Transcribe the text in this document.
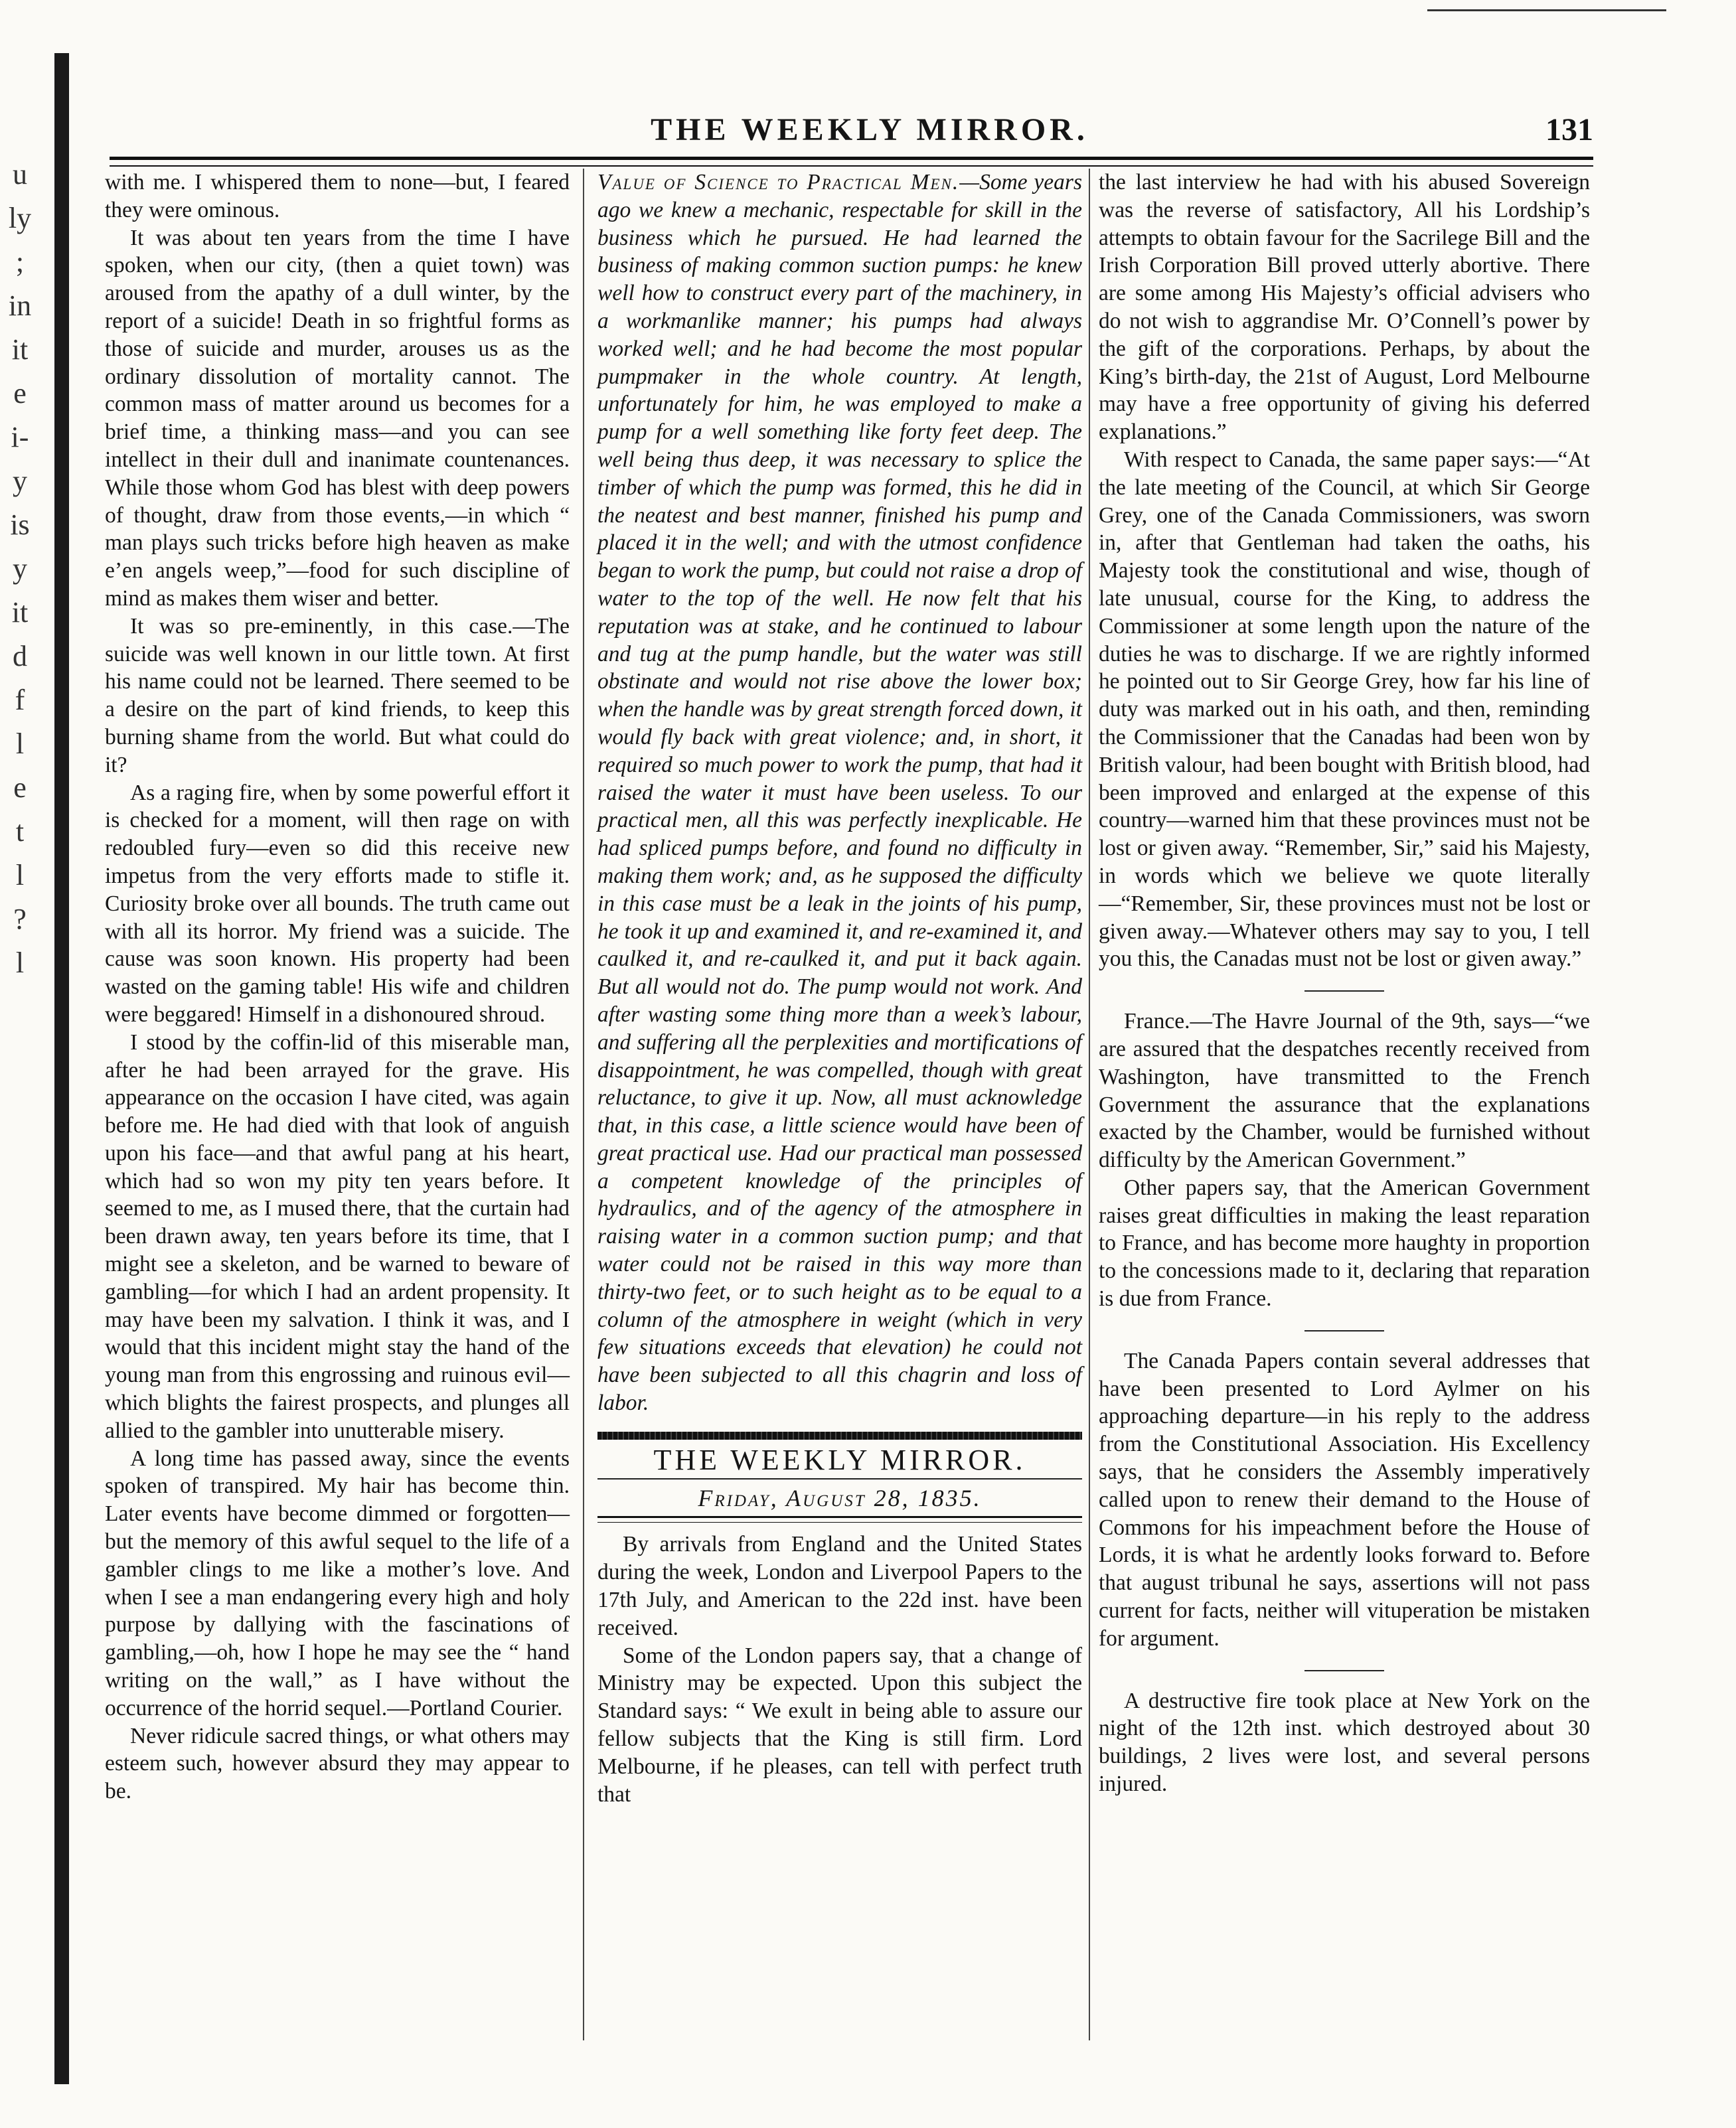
u
ly
;
in
it
e
i-
y
is
y
it
d
f
l
e
t
l
?
l
THE WEEKLY MIRROR.	131

with me. I whispered them to none—but, I feared they were ominous.

It was about ten years from the time I have spoken, when our city, (then a quiet town) was aroused from the apathy of a dull winter, by the report of a suicide! Death in so frightful forms as those of suicide and murder, arouses us as the ordinary dissolution of mortality cannot. The common mass of matter around us becomes for a brief time, a thinking mass—and you can see intellect in their dull and inanimate countenances. While those whom God has blest with deep powers of thought, draw from those events,—in which “ man plays such tricks before high heaven as make e’en angels weep,”—food for such discipline of mind as makes them wiser and better.

It was so pre-eminently, in this case.—The suicide was well known in our little town. At first his name could not be learned. There seemed to be a desire on the part of kind friends, to keep this burning shame from the world. But what could do it?

As a raging fire, when by some powerful effort it is checked for a moment, will then rage on with redoubled fury—even so did this receive new impetus from the very efforts made to stifle it. Curiosity broke over all bounds. The truth came out with all its horror. My friend was a suicide. The cause was soon known. His property had been wasted on the gaming table! His wife and children were beggared! Himself in a dishonoured shroud.

I stood by the coffin-lid of this miserable man, after he had been arrayed for the grave. His appearance on the occasion I have cited, was again before me. He had died with that look of anguish upon his face—and that awful pang at his heart, which had so won my pity ten years before. It seemed to me, as I mused there, that the curtain had been drawn away, ten years before its time, that I might see a skeleton, and be warned to beware of gambling—for which I had an ardent propensity. It may have been my salvation. I think it was, and I would that this incident might stay the hand of the young man from this engrossing and ruinous evil—which blights the fairest prospects, and plunges all allied to the gambler into unutterable misery.

A long time has passed away, since the events spoken of transpired. My hair has become thin. Later events have become dimmed or forgotten—but the memory of this awful sequel to the life of a gambler clings to me like a mother’s love. And when I see a man endangering every high and holy purpose by dallying with the fascinations of gambling,—oh, how I hope he may see the “ hand writing on the wall,” as I have without the occurrence of the horrid sequel.—Portland Courier.

Never ridicule sacred things, or what others may esteem such, however absurd they may appear to be.

Value of Science to Practical Men.—Some years ago we knew a mechanic, respectable for skill in the business which he pursued. He had learned the business of making common suction pumps: he knew well how to construct every part of the machinery, in a workmanlike manner; his pumps had always worked well; and he had become the most popular pumpmaker in the whole country. At length, unfortunately for him, he was employed to make a pump for a well something like forty feet deep. The well being thus deep, it was necessary to splice the timber of which the pump was formed, this he did in the neatest and best manner, finished his pump and placed it in the well; and with the utmost confidence began to work the pump, but could not raise a drop of water to the top of the well. He now felt that his reputation was at stake, and he continued to labour and tug at the pump handle, but the water was still obstinate and would not rise above the lower box; when the handle was by great strength forced down, it would fly back with great violence; and, in short, it required so much power to work the pump, that had it raised the water it must have been useless. To our practical men, all this was perfectly inexplicable. He had spliced pumps before, and found no difficulty in making them work; and, as he supposed the difficulty in this case must be a leak in the joints of his pump, he took it up and examined it, and re-examined it, and caulked it, and re-caulked it, and put it back again. But all would not do. The pump would not work. And after wasting some thing more than a week’s labour, and suffering all the perplexities and mortifications of disappointment, he was compelled, though with great reluctance, to give it up. Now, all must acknowledge that, in this case, a little science would have been of great practical use. Had our practical man possessed a competent knowledge of the principles of hydraulics, and of the agency of the atmosphere in raising water in a common suction pump; and that water could not be raised in this way more than thirty-two feet, or to such height as to be equal to a column of the atmosphere in weight (which in very few situations exceeds that elevation) he could not have been subjected to all this chagrin and loss of labor.

THE WEEKLY MIRROR.
Friday, August 28, 1835.

By arrivals from England and the United States during the week, London and Liverpool Papers to the 17th July, and American to the 22d inst. have been received.

Some of the London papers say, that a change of Ministry may be expected. Upon this subject the Standard says: “ We exult in being able to assure our fellow subjects that the King is still firm. Lord Melbourne, if he pleases, can tell with perfect truth that

the last interview he had with his abused Sovereign was the reverse of satisfactory, All his Lordship’s attempts to obtain favour for the Sacrilege Bill and the Irish Corporation Bill proved utterly abortive. There are some among His Majesty’s official advisers who do not wish to aggrandise Mr. O’Connell’s power by the gift of the corporations. Perhaps, by about the King’s birth-day, the 21st of August, Lord Melbourne may have a free opportunity of giving his deferred explanations.”

With respect to Canada, the same paper says:—“At the late meeting of the Council, at which Sir George Grey, one of the Canada Commissioners, was sworn in, after that Gentleman had taken the oaths, his Majesty took the constitutional and wise, though of late unusual, course for the King, to address the Commissioner at some length upon the nature of the duties he was to discharge. If we are rightly informed he pointed out to Sir George Grey, how far his line of duty was marked out in his oath, and then, reminding the Commissioner that the Canadas had been won by British valour, had been bought with British blood, had been improved and enlarged at the expense of this country—warned him that these provinces must not be lost or given away. “Remember, Sir,” said his Majesty, in words which we believe we quote literally—“Remember, Sir, these provinces must not be lost or given away.—Whatever others may say to you, I tell you this, the Canadas must not be lost or given away.”

France.—The Havre Journal of the 9th, says—“we are assured that the despatches recently received from Washington, have transmitted to the French Government the assurance that the explanations exacted by the Chamber, would be furnished without difficulty by the American Government.”

Other papers say, that the American Government raises great difficulties in making the least reparation to France, and has become more haughty in proportion to the concessions made to it, declaring that reparation is due from France.

The Canada Papers contain several addresses that have been presented to Lord Aylmer on his approaching departure—in his reply to the address from the Constitutional Association. His Excellency says, that he considers the Assembly imperatively called upon to renew their demand to the House of Commons for his impeachment before the House of Lords, it is what he ardently looks forward to. Before that august tribunal he says, assertions will not pass current for facts, neither will vituperation be mistaken for argument.

A destructive fire took place at New York on the night of the 12th inst. which destroyed about 30 buildings, 2 lives were lost, and several persons injured.
